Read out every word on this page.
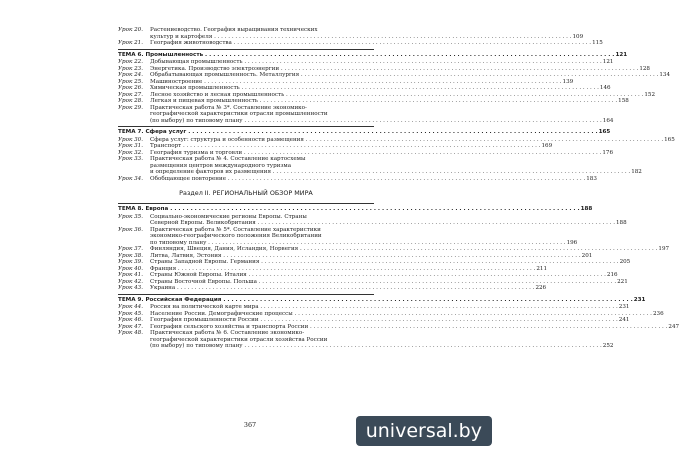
Урок 20.	Растениеводство. География выращивания технических
культур и картофеля . . .	109
Урок 21.	География животноводства . . .	115
ТЕМА 6. Промышленность . . .	121
Урок 22.	Добывающая промышленность . . .	121
Урок 23.	Энергетика. Производство электроэнергии . . .	128
Урок 24.	Обрабатывающая промышленность. Металлургия . . .	134
Урок 25.	Машиностроение . . .	139
Урок 26.	Химическая промышленность . . .	146
Урок 27.	Лесное хозяйство и лесная промышленность . . .	152
Урок 28.	Легкая и пищевая промышленность . . .	158
Урок 29.	Практическая работа № 3*. Составление экономико-
географической характеристики отрасли промышленности
(по выбору) по типовому плану . . .	164
ТЕМА 7. Сфера услуг . . .	165
Урок 30.	Сфера услуг: структура и особенности размещения . . .	165
Урок 31.	Транспорт . . .	169
Урок 32.	География туризма и торговли . . .	176
Урок 33.	Практическая работа № 4. Составление картосхемы
размещения центров международного туризма
и определение факторов их размещения . . .	182
Урок 34.	Обобщающее повторение . . .	183
Раздел II. РЕГИОНАЛЬНЫЙ ОБЗОР МИРА
ТЕМА 8. Европа . . .	188
Урок 35.	Социально-экономические регионы Европы. Страны
Северной Европы. Великобритания . . .	188
Урок 36.	Практическая работа № 5*. Составление характеристики
экономико-географического положения Великобритании
по типовому плану . . .	196
Урок 37.	Финляндия, Швеция, Дания, Исландия, Норвегия . . .	197
Урок 38.	Литва, Латвия, Эстония . . .	201
Урок 39.	Страны Западной Европы. Германия . . .	205
Урок 40.	Франция . . .	211
Урок 41.	Страны Южной Европы. Италия . . .	216
Урок 42.	Страны Восточной Европы. Польша . . .	221
Урок 43.	Украина . . .	226
ТЕМА 9. Российская Федерация . . .	231
Урок 44.	Россия на политической карте мира . . .	231
Урок 45.	Население России. Демографические процессы . . .	236
Урок 46.	География промышленности России . . .	241
Урок 47.	География сельского хозяйства и транспорта России . . .	247
Урок 48.	Практическая работа № 6. Составление экономико-
географической характеристики отрасли хозяйства России
(по выбору) по типовому плану . . .	252
367	universal.by
